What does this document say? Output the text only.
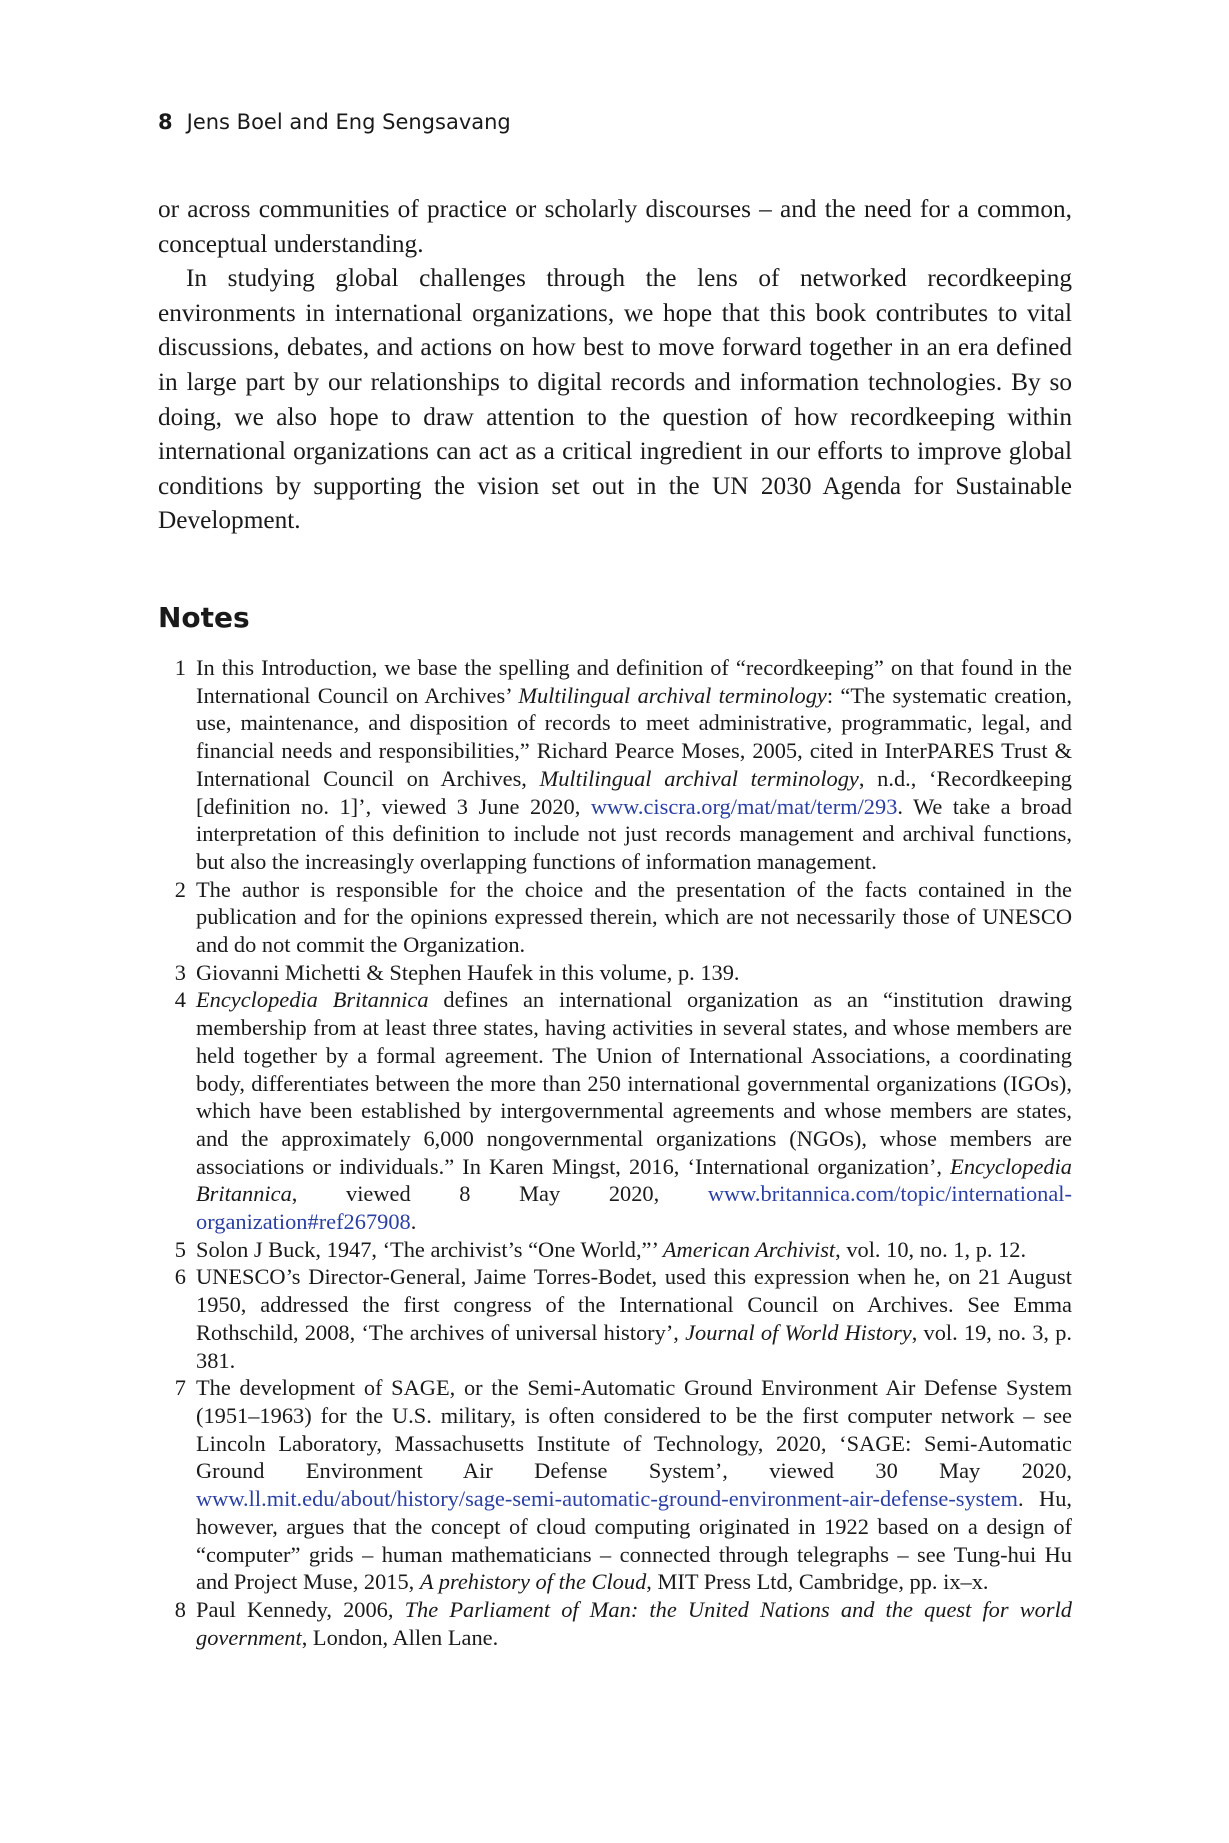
8 Jens Boel and Eng Sengsavang

or across communities of practice or scholarly discourses – and the need for a common, conceptual understanding.

In studying global challenges through the lens of networked recordkeeping environments in international organizations, we hope that this book contributes to vital discussions, debates, and actions on how best to move forward together in an era defined in large part by our relationships to digital records and information technologies. By so doing, we also hope to draw attention to the question of how recordkeeping within international organizations can act as a critical ingredient in our efforts to improve global conditions by supporting the vision set out in the UN 2030 Agenda for Sustainable Development.

Notes
1 In this Introduction, we base the spelling and definition of “recordkeeping” on that found in the International Council on Archives’ Multilingual archival terminology: “The systematic creation, use, maintenance, and disposition of records to meet administrative, programmatic, legal, and financial needs and responsibilities,” Richard Pearce Moses, 2005, cited in InterPARES Trust & International Council on Archives, Multilingual archival terminology, n.d., ‘Recordkeeping [definition no. 1]’, viewed 3 June 2020, www.ciscra.org/mat/mat/term/293. We take a broad interpretation of this definition to include not just records management and archival functions, but also the increasingly overlapping functions of information management.
2 The author is responsible for the choice and the presentation of the facts contained in the publication and for the opinions expressed therein, which are not necessarily those of UNESCO and do not commit the Organization.
3 Giovanni Michetti & Stephen Haufek in this volume, p. 139.
4 Encyclopedia Britannica defines an international organization as an “institution drawing membership from at least three states, having activities in several states, and whose members are held together by a formal agreement. The Union of International Associations, a coordinating body, differentiates between the more than 250 international governmental organizations (IGOs), which have been established by intergovernmental agreements and whose members are states, and the approximately 6,000 nongovernmental organizations (NGOs), whose members are associations or individuals.” In Karen Mingst, 2016, ‘International organization’, Encyclopedia Britannica, viewed 8 May 2020, www.britannica.com/topic/international-organization#ref267908.
5 Solon J Buck, 1947, ‘The archivist’s “One World,”’ American Archivist, vol. 10, no. 1, p. 12.
6 UNESCO’s Director-General, Jaime Torres-Bodet, used this expression when he, on 21 August 1950, addressed the first congress of the International Council on Archives. See Emma Rothschild, 2008, ‘The archives of universal history’, Journal of World History, vol. 19, no. 3, p. 381.
7 The development of SAGE, or the Semi-Automatic Ground Environment Air Defense System (1951–1963) for the U.S. military, is often considered to be the first computer network – see Lincoln Laboratory, Massachusetts Institute of Technology, 2020, ‘SAGE: Semi-Automatic Ground Environment Air Defense System’, viewed 30 May 2020, www.ll.mit.edu/about/history/sage-semi-automatic-ground-environment-air-defense-system. Hu, however, argues that the concept of cloud computing originated in 1922 based on a design of “computer” grids – human mathematicians – connected through telegraphs – see Tung-hui Hu and Project Muse, 2015, A prehistory of the Cloud, MIT Press Ltd, Cambridge, pp. ix–x.
8 Paul Kennedy, 2006, The Parliament of Man: the United Nations and the quest for world government, London, Allen Lane.
